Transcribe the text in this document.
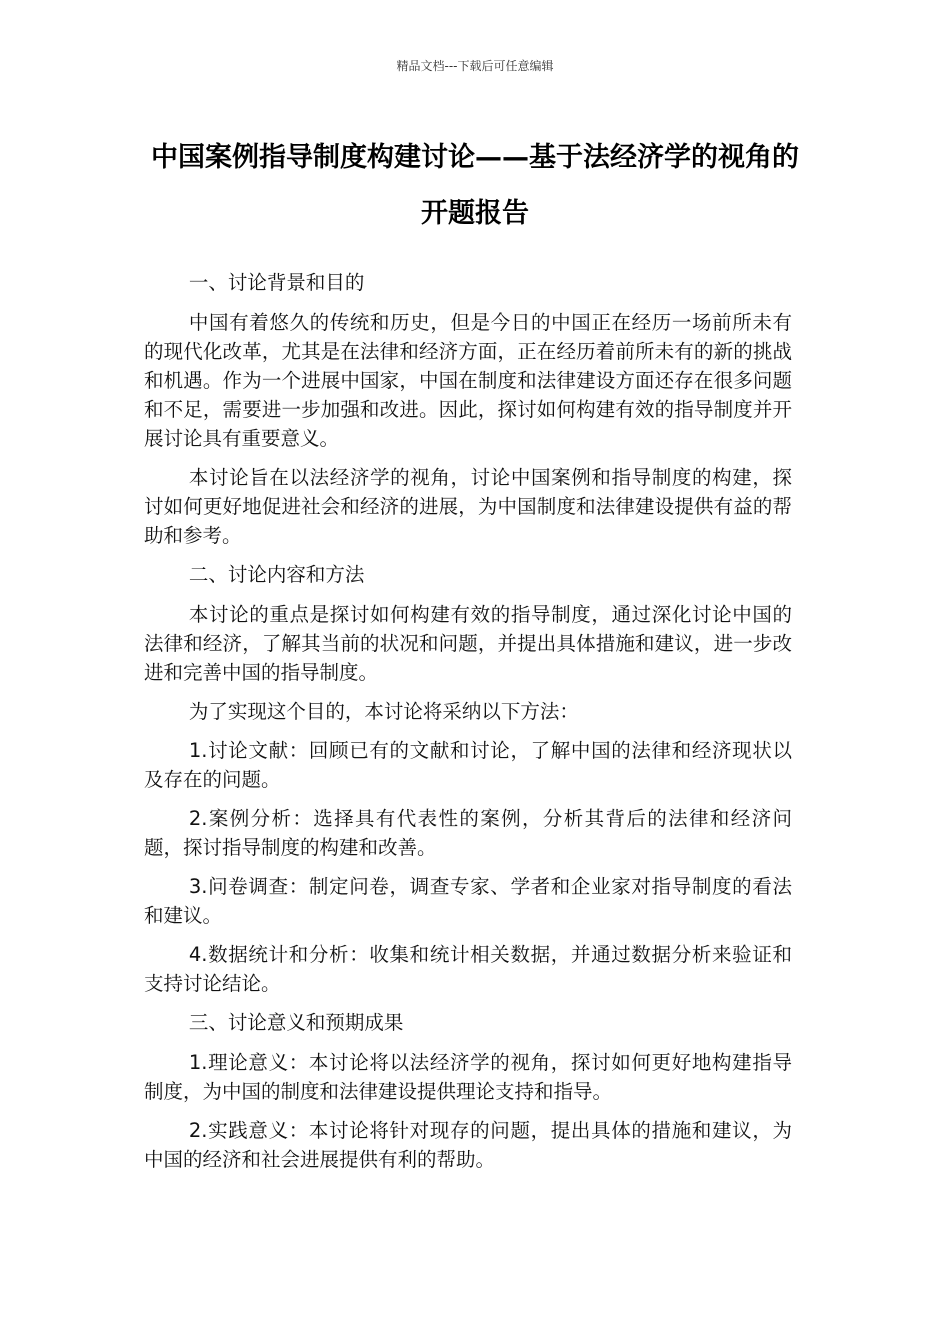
精品文档---下载后可任意编辑
中国案例指导制度构建讨论——基于法经济学的视角的开题报告

一、讨论背景和目的

中国有着悠久的传统和历史，但是今日的中国正在经历一场前所未有的现代化改革，尤其是在法律和经济方面，正在经历着前所未有的新的挑战和机遇。作为一个进展中国家，中国在制度和法律建设方面还存在很多问题和不足，需要进一步加强和改进。因此，探讨如何构建有效的指导制度并开展讨论具有重要意义。

本讨论旨在以法经济学的视角，讨论中国案例和指导制度的构建，探讨如何更好地促进社会和经济的进展，为中国制度和法律建设提供有益的帮助和参考。

二、讨论内容和方法

本讨论的重点是探讨如何构建有效的指导制度，通过深化讨论中国的法律和经济，了解其当前的状况和问题，并提出具体措施和建议，进一步改进和完善中国的指导制度。

为了实现这个目的，本讨论将采纳以下方法：

1.讨论文献：回顾已有的文献和讨论，了解中国的法律和经济现状以及存在的问题。

2.案例分析：选择具有代表性的案例，分析其背后的法律和经济问题，探讨指导制度的构建和改善。

3.问卷调查：制定问卷，调查专家、学者和企业家对指导制度的看法和建议。

4.数据统计和分析：收集和统计相关数据，并通过数据分析来验证和支持讨论结论。

三、讨论意义和预期成果

1.理论意义：本讨论将以法经济学的视角，探讨如何更好地构建指导制度，为中国的制度和法律建设提供理论支持和指导。

2.实践意义：本讨论将针对现存的问题，提出具体的措施和建议，为中国的经济和社会进展提供有利的帮助。
